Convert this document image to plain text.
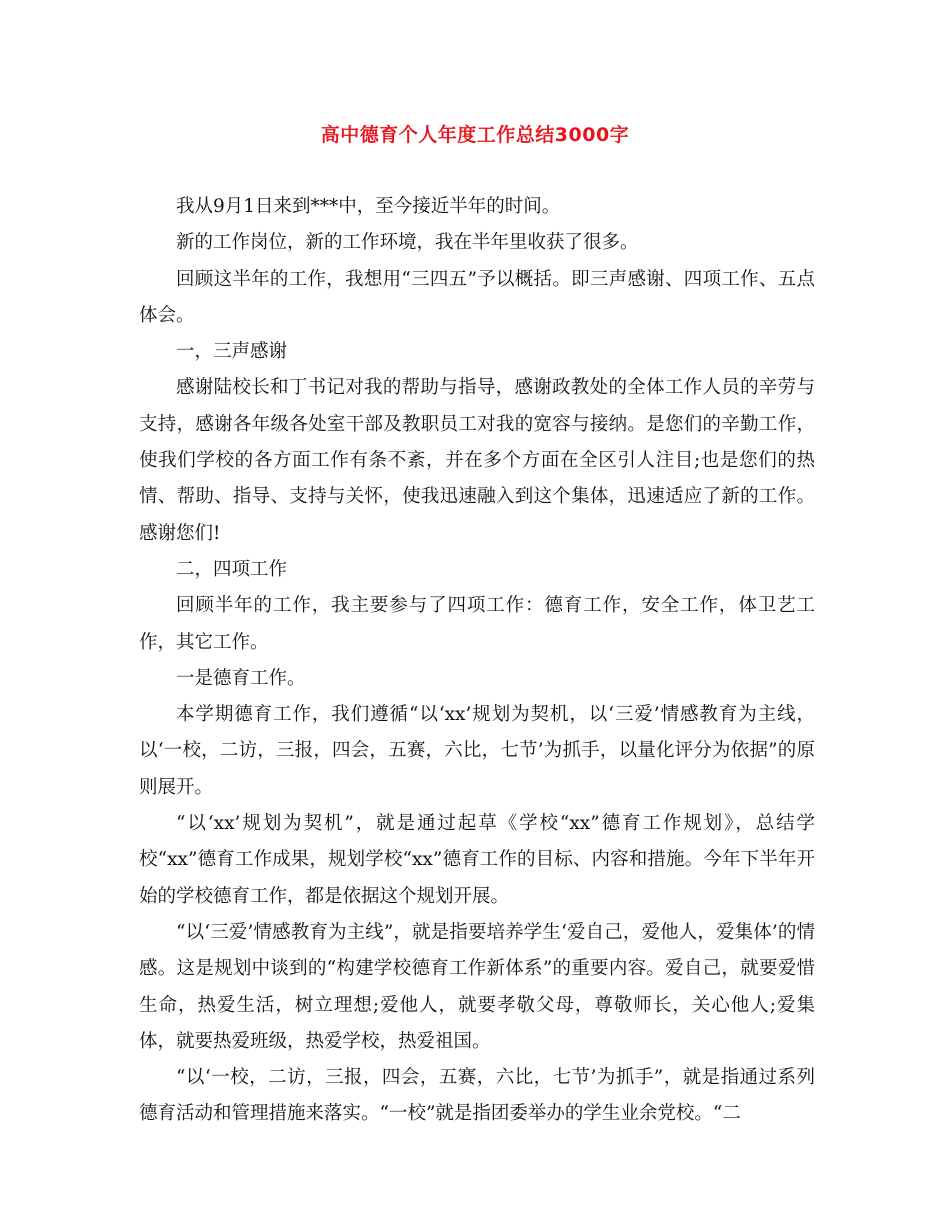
高中德育个人年度工作总结3000字

我从9月1日来到***中，至今接近半年的时间。

新的工作岗位，新的工作环境，我在半年里收获了很多。

回顾这半年的工作，我想用“三四五”予以概括。即三声感谢、四项工作、五点体会。

一，三声感谢

感谢陆校长和丁书记对我的帮助与指导，感谢政教处的全体工作人员的辛劳与支持，感谢各年级各处室干部及教职员工对我的宽容与接纳。是您们的辛勤工作，使我们学校的各方面工作有条不紊，并在多个方面在全区引人注目;也是您们的热情、帮助、指导、支持与关怀，使我迅速融入到这个集体，迅速适应了新的工作。感谢您们!

二，四项工作

回顾半年的工作，我主要参与了四项工作：德育工作，安全工作，体卫艺工作，其它工作。

一是德育工作。

本学期德育工作，我们遵循“以‘xx’规划为契机，以‘三爱’情感教育为主线，以‘一校，二访，三报，四会，五赛，六比，七节’为抓手，以量化评分为依据”的原则展开。

“以‘xx’规划为契机”，就是通过起草《学校“xx”德育工作规划》，总结学校“xx”德育工作成果，规划学校“xx”德育工作的目标、内容和措施。今年下半年开始的学校德育工作，都是依据这个规划开展。

“以‘三爱’情感教育为主线”，就是指要培养学生‘爱自己，爱他人，爱集体’的情感。这是规划中谈到的“构建学校德育工作新体系”的重要内容。爱自己，就要爱惜生命，热爱生活，树立理想;爱他人，就要孝敬父母，尊敬师长，关心他人;爱集体，就要热爱班级，热爱学校，热爱祖国。

“以‘一校，二访，三报，四会，五赛，六比，七节’为抓手”，就是指通过系列德育活动和管理措施来落实。“一校”就是指团委举办的学生业余党校。“二
